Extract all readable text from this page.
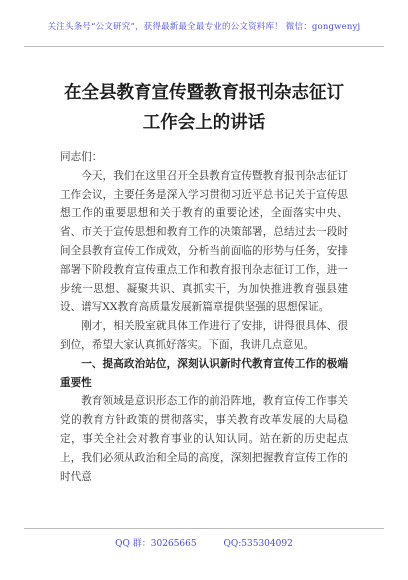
关注头条号“公文研究”，获得最新最全最专业的公文资料库！ 微信：gongwenyj
在全县教育宣传暨教育报刊杂志征订
工作会上的讲话

同志们：

今天，我们在这里召开全县教育宣传暨教育报刊杂志征订工作会议，主要任务是深入学习贯彻习近平总书记关于宣传思想工作的重要思想和关于教育的重要论述，全面落实中央、省、市关于宣传思想和教育工作的决策部署，总结过去一段时间全县教育宣传工作成效，分析当前面临的形势与任务，安排部署下阶段教育宣传重点工作和教育报刊杂志征订工作，进一步统一思想、凝聚共识、真抓实干，为加快推进教育强县建设、谱写XX教育高质量发展新篇章提供坚强的思想保证。

刚才，相关股室就具体工作进行了安排，讲得很具体、很到位，希望大家认真抓好落实。下面，我讲几点意见。

一、提高政治站位，深刻认识新时代教育宣传工作的极端重要性

教育领域是意识形态工作的前沿阵地，教育宣传工作事关党的教育方针政策的贯彻落实，事关教育改革发展的大局稳定，事关全社会对教育事业的认知认同。站在新的历史起点上，我们必须从政治和全局的高度，深刻把握教育宣传工作的时代意

QQ 群：30265665	QQ:535304092
